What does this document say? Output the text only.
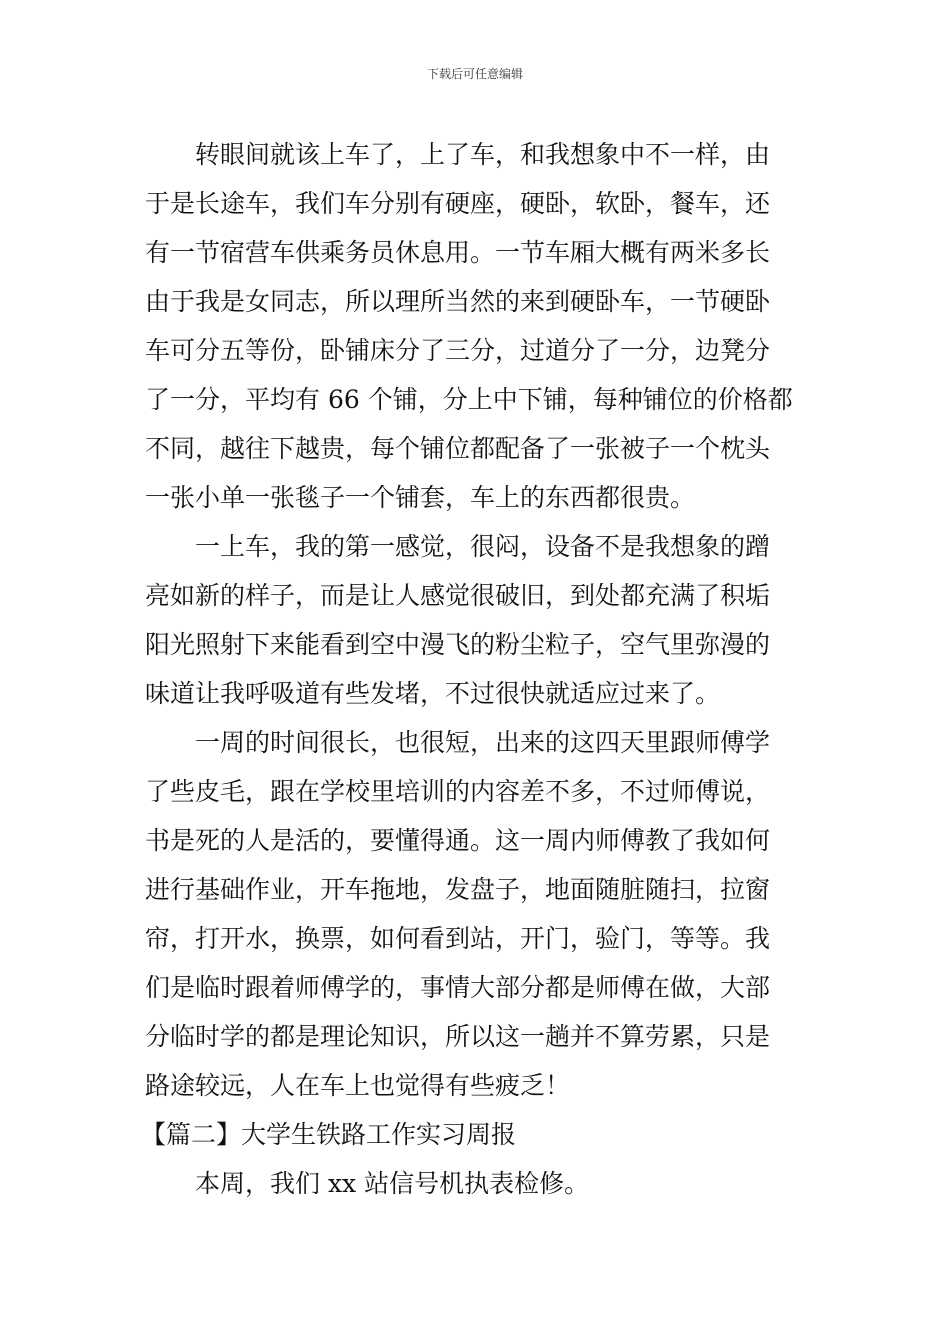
下载后可任意编辑
转眼间就该上车了，上了车，和我想象中不一样，由
于是长途车，我们车分别有硬座，硬卧，软卧，餐车，还
有一节宿营车供乘务员休息用。一节车厢大概有两米多长
由于我是女同志，所以理所当然的来到硬卧车，一节硬卧
车可分五等份，卧铺床分了三分，过道分了一分，边凳分
了一分，平均有 66 个铺，分上中下铺，每种铺位的价格都
不同，越往下越贵，每个铺位都配备了一张被子一个枕头
一张小单一张毯子一个铺套，车上的东西都很贵。
一上车，我的第一感觉，很闷，设备不是我想象的蹭
亮如新的样子，而是让人感觉很破旧，到处都充满了积垢
阳光照射下来能看到空中漫飞的粉尘粒子，空气里弥漫的
味道让我呼吸道有些发堵，不过很快就适应过来了。
一周的时间很长，也很短，出来的这四天里跟师傅学
了些皮毛，跟在学校里培训的内容差不多，不过师傅说，
书是死的人是活的，要懂得通。这一周内师傅教了我如何
进行基础作业，开车拖地，发盘子，地面随脏随扫，拉窗
帘，打开水，换票，如何看到站，开门，验门，等等。我
们是临时跟着师傅学的，事情大部分都是师傅在做，大部
分临时学的都是理论知识，所以这一趟并不算劳累，只是
路途较远，人在车上也觉得有些疲乏！
【篇二】大学生铁路工作实习周报
本周，我们 xx 站信号机执表检修。
